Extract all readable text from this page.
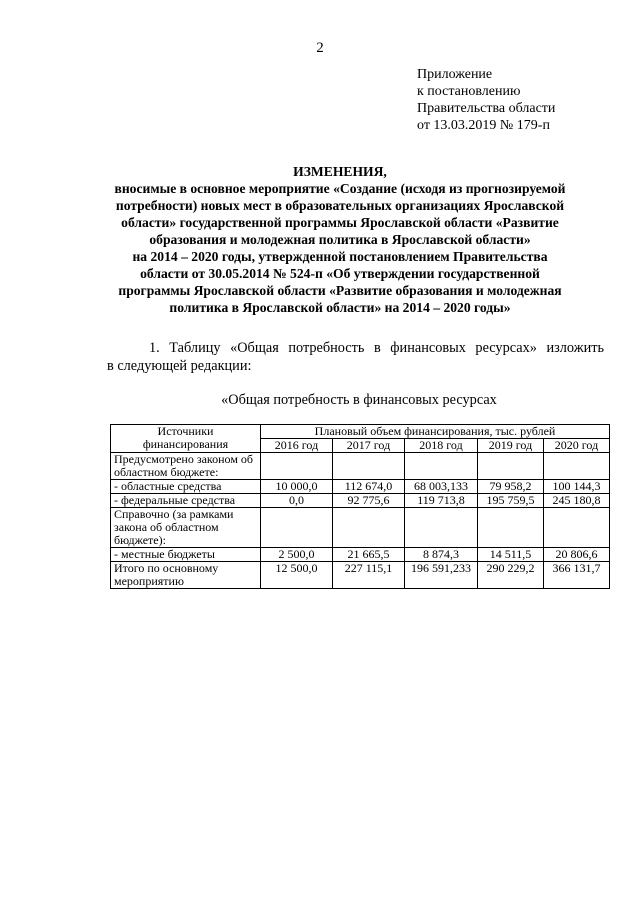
2
Приложение
к постановлению
Правительства области
от 13.03.2019 № 179-п
ИЗМЕНЕНИЯ,
вносимые в основное мероприятие «Создание (исходя из прогнозируемой
потребности) новых мест в образовательных организациях Ярославской
области» государственной программы Ярославской области «Развитие
образования и молодежная политика в Ярославской области»
на 2014 – 2020 годы, утвержденной постановлением Правительства
области от 30.05.2014 № 524-п «Об утверждении государственной
программы Ярославской области «Развитие образования и молодежная
политика в Ярославской области» на 2014 – 2020 годы»
1. Таблицу «Общая потребность в финансовых ресурсах» изложить
в следующей редакции:
«Общая потребность в финансовых ресурсах
Источники финансирования	Плановый объем финансирования, тыс. рублей				
	2016 год	2017 год	2018 год	2019 год	2020 год
Предусмотрено законом об областном бюджете:					
- областные средства	10 000,0	112 674,0	68 003,133	79 958,2	100 144,3
- федеральные средства	0,0	92 775,6	119 713,8	195 759,5	245 180,8
Справочно (за рамками закона об областном бюджете):					
- местные бюджеты	2 500,0	21 665,5	8 874,3	14 511,5	20 806,6
Итого по основному мероприятию	12 500,0	227 115,1	196 591,233	290 229,2	366 131,7
